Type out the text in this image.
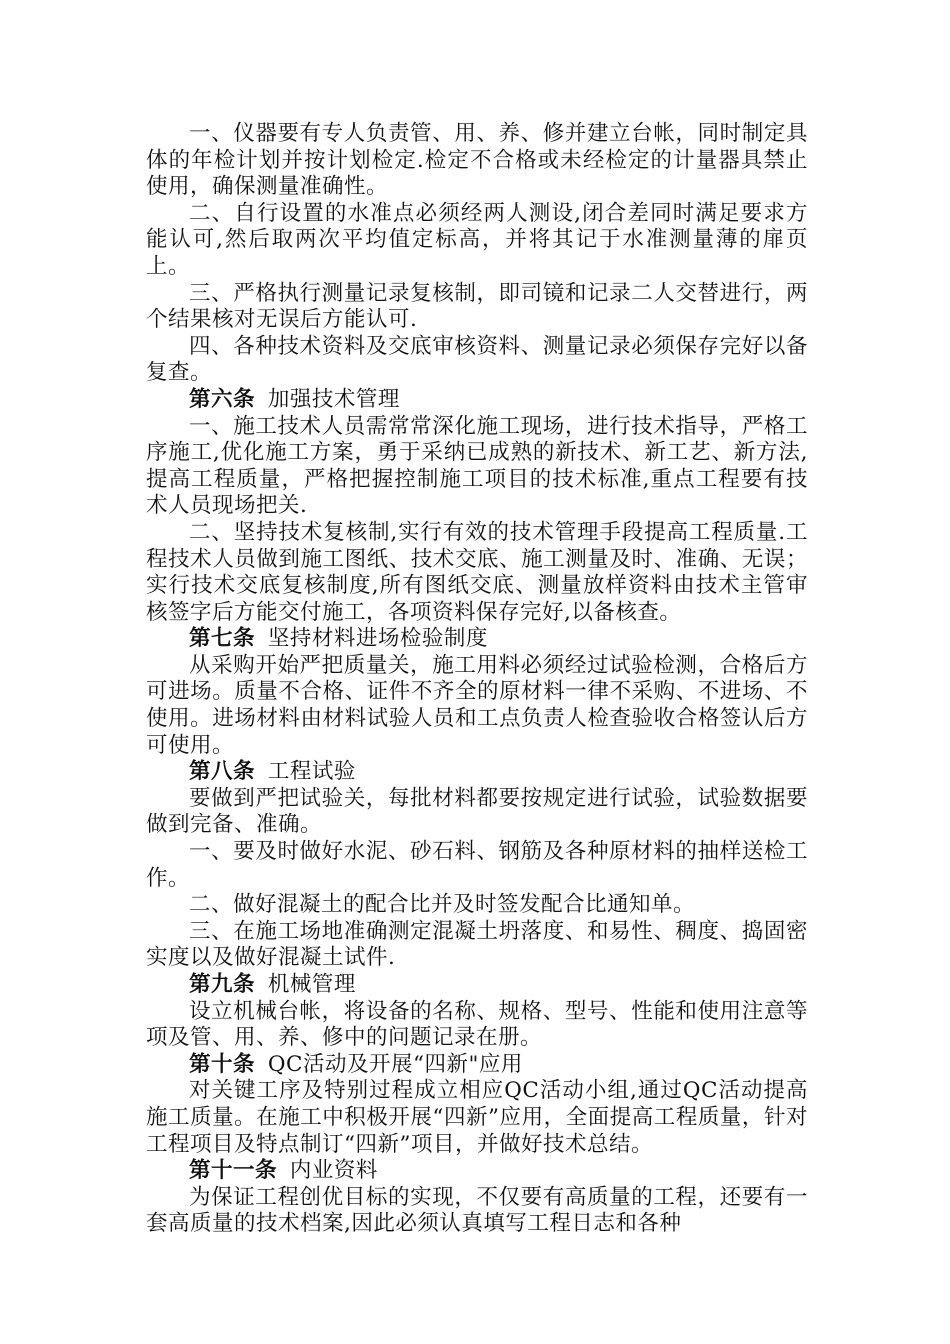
一、仪器要有专人负责管、用、养、修并建立台帐，同时制定具体的年检计划并按计划检定.检定不合格或未经检定的计量器具禁止使用，确保测量准确性。

二、自行设置的水准点必须经两人测设,闭合差同时满足要求方能认可,然后取两次平均值定标高，并将其记于水准测量薄的扉页上。

三、严格执行测量记录复核制，即司镜和记录二人交替进行，两个结果核对无误后方能认可.

四、各种技术资料及交底审核资料、测量记录必须保存完好以备复查。

第六条 加强技术管理

一、施工技术人员需常常深化施工现场，进行技术指导，严格工序施工,优化施工方案，勇于采纳已成熟的新技术、新工艺、新方法,提高工程质量，严格把握控制施工项目的技术标准,重点工程要有技术人员现场把关.

二、坚持技术复核制,实行有效的技术管理手段提高工程质量.工程技术人员做到施工图纸、技术交底、施工测量及时、准确、无误；实行技术交底复核制度,所有图纸交底、测量放样资料由技术主管审核签字后方能交付施工，各项资料保存完好,以备核查。

第七条 坚持材料进场检验制度

从采购开始严把质量关，施工用料必须经过试验检测，合格后方可进场。质量不合格、证件不齐全的原材料一律不采购、不进场、不使用。进场材料由材料试验人员和工点负责人检查验收合格签认后方可使用。

第八条 工程试验

要做到严把试验关，每批材料都要按规定进行试验，试验数据要做到完备、准确。

一、要及时做好水泥、砂石料、钢筋及各种原材料的抽样送检工作。

二、做好混凝土的配合比并及时签发配合比通知单。

三、在施工场地准确测定混凝土坍落度、和易性、稠度、捣固密实度以及做好混凝土试件.

第九条 机械管理

设立机械台帐，将设备的名称、规格、型号、性能和使用注意等项及管、用、养、修中的问题记录在册。

第十条 QC活动及开展“四新"应用

对关键工序及特别过程成立相应QC活动小组,通过QC活动提高施工质量。在施工中积极开展“四新”应用，全面提高工程质量，针对工程项目及特点制订“四新”项目，并做好技术总结。

第十一条 内业资料

为保证工程创优目标的实现，不仅要有高质量的工程，还要有一套高质量的技术档案,因此必须认真填写工程日志和各种
